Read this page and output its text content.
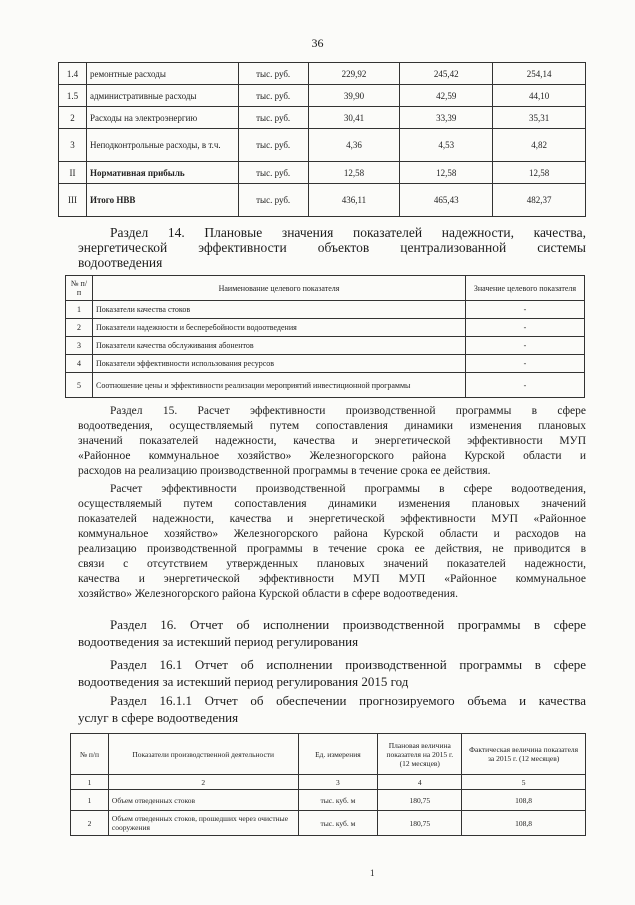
36
1.4	ремонтные расходы	тыс. руб.	229,92	245,42	254,14
1.5	административные расходы	тыс. руб.	39,90	42,59	44,10
2	Расходы на электроэнергию	тыс. руб.	30,41	33,39	35,31
3	Неподконтрольные расходы, в т.ч.	тыс. руб.	4,36	4,53	4,82
II	Нормативная прибыль	тыс. руб.	12,58	12,58	12,58
III	Итого НВВ	тыс. руб.	436,11	465,43	482,37
Раздел 14. Плановые значения показателей надежности, качества,
энергетической эффективности объектов централизованной системы
водоотведения
№ п/п	Наименование целевого показателя	Значение целевого показателя
1	Показатели качества стоков	-
2	Показатели надежности и бесперебойности водоотведения	-
3	Показатели качества обслуживания абонентов	-
4	Показатели эффективности использования ресурсов	-
5	Соотношение цены и эффективности реализации мероприятий инвестиционной программы	-
Раздел 15. Расчет эффективности производственной программы в сфере
водоотведения, осуществляемый путем сопоставления динамики изменения плановых
значений показателей надежности, качества и энергетической эффективности МУП
«Районное коммунальное хозяйство» Железногорского района Курской области и
расходов на реализацию производственной программы в течение срока ее действия.
Расчет эффективности производственной программы в сфере водоотведения,
осуществляемый путем сопоставления динамики изменения плановых значений
показателей надежности, качества и энергетической эффективности МУП «Районное
коммунальное хозяйство» Железногорского района Курской области и расходов на
реализацию производственной программы в течение срока ее действия, не приводится в
связи с отсутствием утвержденных плановых значений показателей надежности,
качества и энергетической эффективности МУП МУП «Районное коммунальное
хозяйство» Железногорского района Курской области в сфере водоотведения.
Раздел 16. Отчет об исполнении производственной программы в сфере
водоотведения за истекший период регулирования
Раздел 16.1 Отчет об исполнении производственной программы в сфере
водоотведения за истекший период регулирования 2015 год
Раздел 16.1.1 Отчет об обеспечении прогнозируемого объема и качества
услуг в сфере водоотведения
№ п/п	Показатели производственной деятельности	Ед. измерения	Плановая величина показателя на 2015 г. (12 месяцев)	Фактическая величина показателя за 2015 г. (12 месяцев)
1	2	3	4	5
1	Объем отведенных стоков	тыс. куб. м	180,75	108,8
2	Объем отведенных стоков, прошедших через очистные сооружения	тыс. куб. м	180,75	108,8
1
